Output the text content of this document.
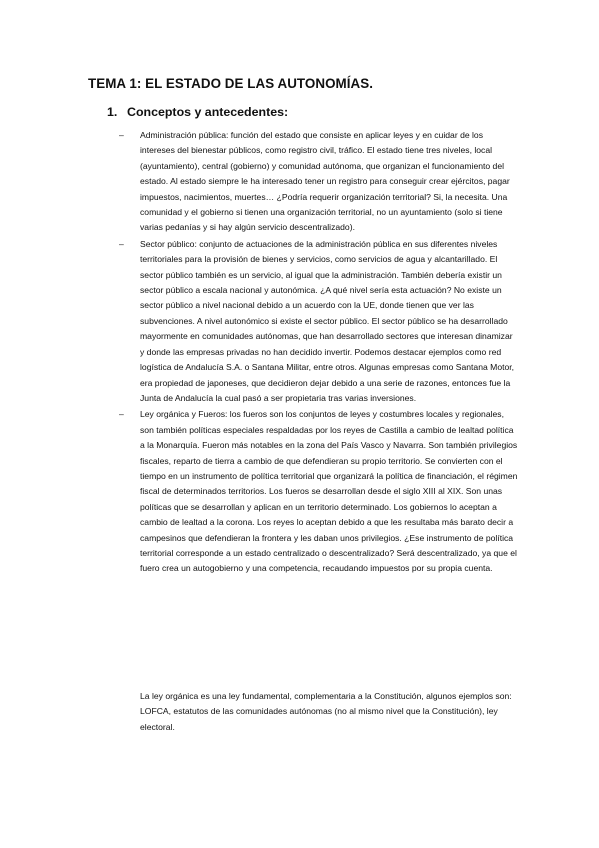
TEMA 1: EL ESTADO DE LAS AUTONOMÍAS.
1. Conceptos y antecedentes:
– Administración pública: función del estado que consiste en aplicar leyes y en cuidar de los intereses del bienestar públicos, como registro civil, tráfico. El estado tiene tres niveles, local (ayuntamiento), central (gobierno) y comunidad autónoma, que organizan el funcionamiento del estado. Al estado siempre le ha interesado tener un registro para conseguir crear ejércitos, pagar impuestos, nacimientos, muertes… ¿Podría requerir organización territorial? Si, la necesita. Una comunidad y el gobierno si tienen una organización territorial, no un ayuntamiento (solo si tiene varias pedanías y si hay algún servicio descentralizado).

– Sector público: conjunto de actuaciones de la administración pública en sus diferentes niveles territoriales para la provisión de bienes y servicios, como servicios de agua y alcantarillado. El sector público también es un servicio, al igual que la administración. También debería existir un sector público a escala nacional y autonómica. ¿A qué nivel sería esta actuación? No existe un sector público a nivel nacional debido a un acuerdo con la UE, donde tienen que ver las subvenciones. A nivel autonómico si existe el sector público. El sector público se ha desarrollado mayormente en comunidades autónomas, que han desarrollado sectores que interesan dinamizar y donde las empresas privadas no han decidido invertir. Podemos destacar ejemplos como red logística de Andalucía S.A. o Santana Militar, entre otros. Algunas empresas como Santana Motor, era propiedad de japoneses, que decidieron dejar debido a una serie de razones, entonces fue la Junta de Andalucía la cual pasó a ser propietaria tras varias inversiones.

– Ley orgánica y Fueros: los fueros son los conjuntos de leyes y costumbres locales y regionales, son también políticas especiales respaldadas por los reyes de Castilla a cambio de lealtad política a la Monarquía. Fueron más notables en la zona del País Vasco y Navarra. Son también privilegios fiscales, reparto de tierra a cambio de que defendieran su propio territorio. Se convierten con el tiempo en un instrumento de política territorial que organizará la política de financiación, el régimen fiscal de determinados territorios. Los fueros se desarrollan desde el siglo XIII al XIX. Son unas políticas que se desarrollan y aplican en un territorio determinado. Los gobiernos lo aceptan a cambio de lealtad a la corona. Los reyes lo aceptan debido a que les resultaba más barato decir a campesinos que defendieran la frontera y les daban unos privilegios. ¿Ese instrumento de política territorial corresponde a un estado centralizado o descentralizado? Será descentralizado, ya que el fuero crea un autogobierno y una competencia, recaudando impuestos por su propia cuenta.

La ley orgánica es una ley fundamental, complementaria a la Constitución, algunos ejemplos son: LOFCA, estatutos de las comunidades autónomas (no al mismo nivel que la Constitución), ley electoral.
